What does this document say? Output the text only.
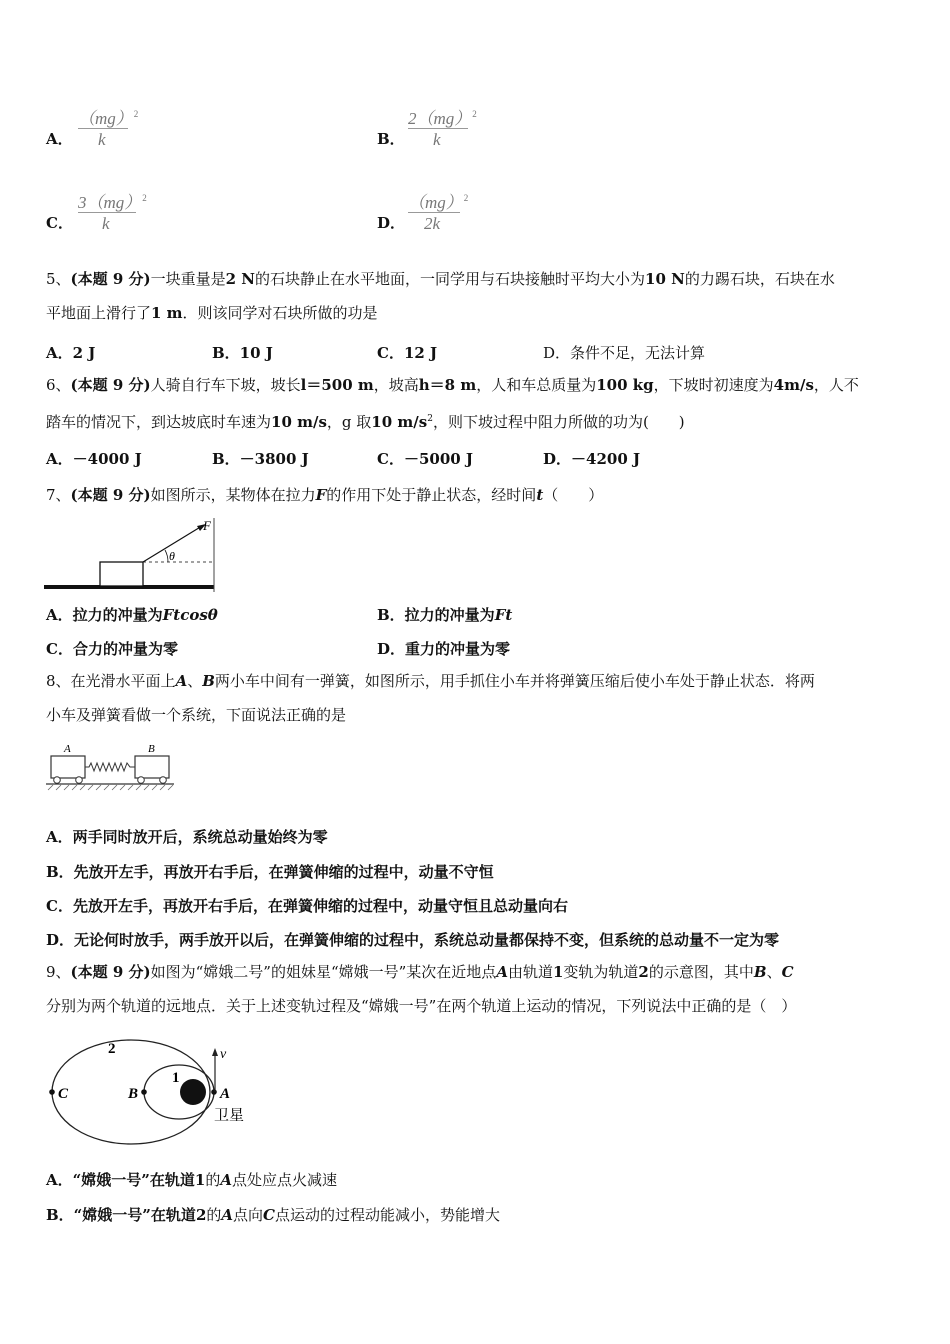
A．
（mg）$^2$
k	B．
2（mg）$^2$
k
C．
3（mg）$^2$
k	D．
（mg）$^2$
2k
5、(本题 9 分)一块重量是2 N的石块静止在水平地面，一同学用与石块接触时平均大小为10 N的力踢石块，石块在水
平地面上滑行了1 m．则该同学对石块所做的功是
A．2 J	B．10 J	C．12 J	D．条件不足，无法计算
6、(本题 9 分)人骑自行车下坡，坡长l＝500 m，坡高h＝8 m，人和车总质量为100 kg，下坡时初速度为4m/s，人不
踏车的情况下，到达坡底时车速为10 m/s，g 取10 $m/s^2$，则下坡过程中阻力所做的功为(　　)
A．－4000 J	B．－3800 J	C．－5000 J	D．－4200 J
7、(本题 9 分)如图所示，某物体在拉力F的作用下处于静止状态，经时间t（　　）
F
θ
A．拉力的冲量为Ftcosθ	B．拉力的冲量为Ft
C．合力的冲量为零	D．重力的冲量为零
8、在光滑水平面上A、B两小车中间有一弹簧，如图所示，用手抓住小车并将弹簧压缩后使小车处于静止状态．将两
小车及弹簧看做一个系统，下面说法正确的是
A	B
A．两手同时放开后，系统总动量始终为零
B．先放开左手，再放开右手后，在弹簧伸缩的过程中，动量不守恒
C．先放开左手，再放开右手后，在弹簧伸缩的过程中，动量守恒且总动量向右
D．无论何时放手，两手放开以后，在弹簧伸缩的过程中，系统总动量都保持不变，但系统的总动量不一定为零
9、(本题 9 分)如图为“嫦娥二号”的姐妹星“嫦娥一号”某次在近地点A由轨道1变轨为轨道2的示意图，其中B、C
分别为两个轨道的远地点．关于上述变轨过程及“嫦娥一号”在两个轨道上运动的情况，下列说法中正确的是（　）
2
1
C	B	A
v
卫星
A．“嫦娥一号”在轨道1的A点处应点火减速
B．“嫦娥一号”在轨道2的A点向C点运动的过程动能减小，势能增大
